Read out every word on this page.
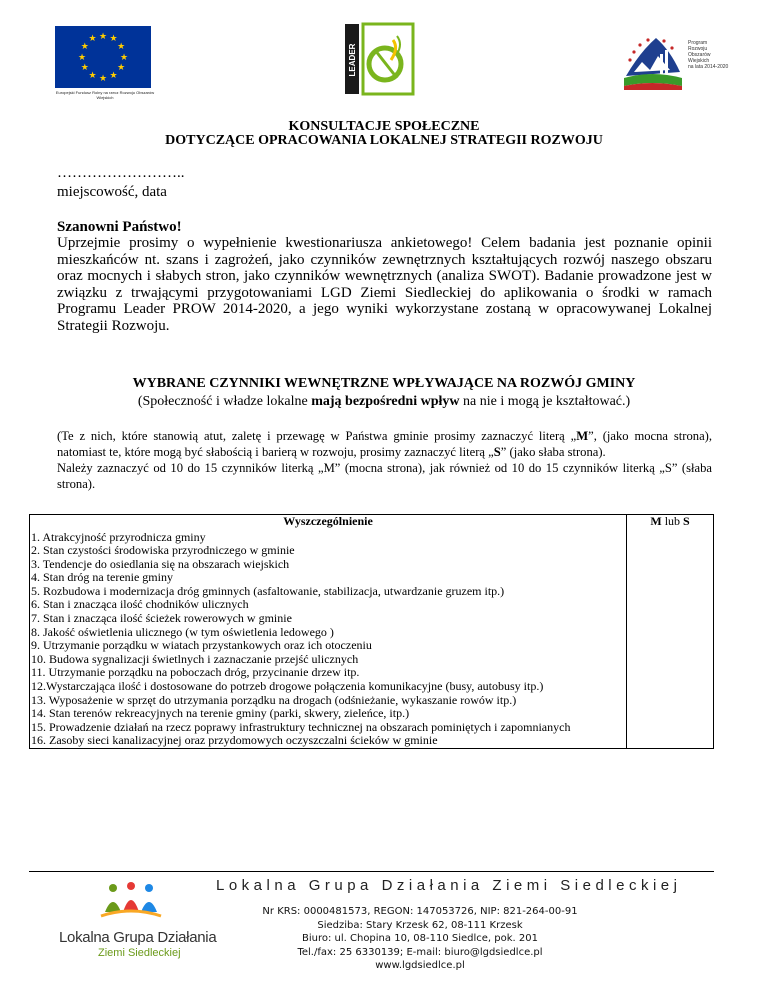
★ ★
★
★
★
★
★
★
★
★
★
★
Europejski Fundusz Rolny na rzecz Rozwoju Obszarów Wiejskich
LEADER
Program
Rozwoju
Obszarów
Wiejskich
na lata 2014-2020
KONSULTACJE SPOŁECZNE
DOTYCZĄCE OPRACOWANIA LOKALNEJ STRATEGII ROZWOJU
……………………..
miejscowość, data
Szanowni Państwo!
Uprzejmie prosimy o wypełnienie kwestionariusza ankietowego! Celem badania jest poznanie opinii mieszkańców nt. szans i zagrożeń, jako czynników zewnętrznych kształtujących rozwój naszego obszaru oraz mocnych i słabych stron, jako czynników wewnętrznych (analiza SWOT). Badanie prowadzone jest w związku z trwającymi przygotowaniami LGD Ziemi Siedleckiej do aplikowania o środki w ramach Programu Leader PROW 2014-2020, a jego wyniki wykorzystane zostaną w opracowywanej Lokalnej Strategii Rozwoju.
WYBRANE CZYNNIKI WEWNĘTRZNE WPŁYWAJĄCE NA ROZWÓJ GMINY
(Społeczność i władze lokalne mają bezpośredni wpływ na nie i mogą je kształtować.)
(Te z nich, które stanowią atut, zaletę i przewagę w Państwa gminie prosimy zaznaczyć literą „M”, (jako mocna strona), natomiast te, które mogą być słabością i barierą w rozwoju, prosimy zaznaczyć literą „S” (jako słaba strona).
Należy zaznaczyć od 10 do 15 czynników literką „M” (mocna strona), jak również od 10 do 15 czynników literką „S” (słaba strona).
Wyszczególnienie	M lub S
1. Atrakcyjność przyrodnicza gminy	
2. Stan czystości środowiska przyrodniczego w gminie	
3. Tendencje do osiedlania się na obszarach wiejskich	
4. Stan dróg na terenie gminy	
5. Rozbudowa i modernizacja dróg gminnych (asfaltowanie, stabilizacja, utwardzanie gruzem itp.)	
6. Stan i znacząca ilość chodników ulicznych	
7. Stan i znacząca ilość ścieżek rowerowych w gminie	
8. Jakość oświetlenia ulicznego (w tym oświetlenia ledowego )	
9. Utrzymanie porządku w wiatach przystankowych oraz ich otoczeniu	
10. Budowa sygnalizacji świetlnych i zaznaczanie przejść ulicznych	
11. Utrzymanie porządku na poboczach dróg, przycinanie drzew itp.	
12.Wystarczająca ilość i dostosowane do potrzeb drogowe połączenia komunikacyjne (busy, autobusy itp.)	
13. Wyposażenie w sprzęt do utrzymania porządku na drogach (odśnieżanie, wykaszanie rowów itp.)	
14. Stan terenów rekreacyjnych na terenie gminy (parki, skwery, zieleńce, itp.)	
15. Prowadzenie działań na rzecz poprawy infrastruktury technicznej na obszarach pominiętych i zapomnianych	
16. Zasoby sieci kanalizacyjnej oraz przydomowych oczyszczalni ścieków w gminie	
Lokalna Grupa Działania Ziemi Siedleckiej
Nr KRS: 0000481573, REGON: 147053726, NIP: 821-264-00-91
Siedziba: Stary Krzesk 62, 08-111 Krzesk
Biuro: ul. Chopina 10, 08-110 Siedlce, pok. 201
Tel./fax: 25 6330139; E-mail: biuro@lgdsiedlce.pl
www.lgdsiedlce.pl
Lokalna Grupa Działania
Ziemi Siedleckiej
